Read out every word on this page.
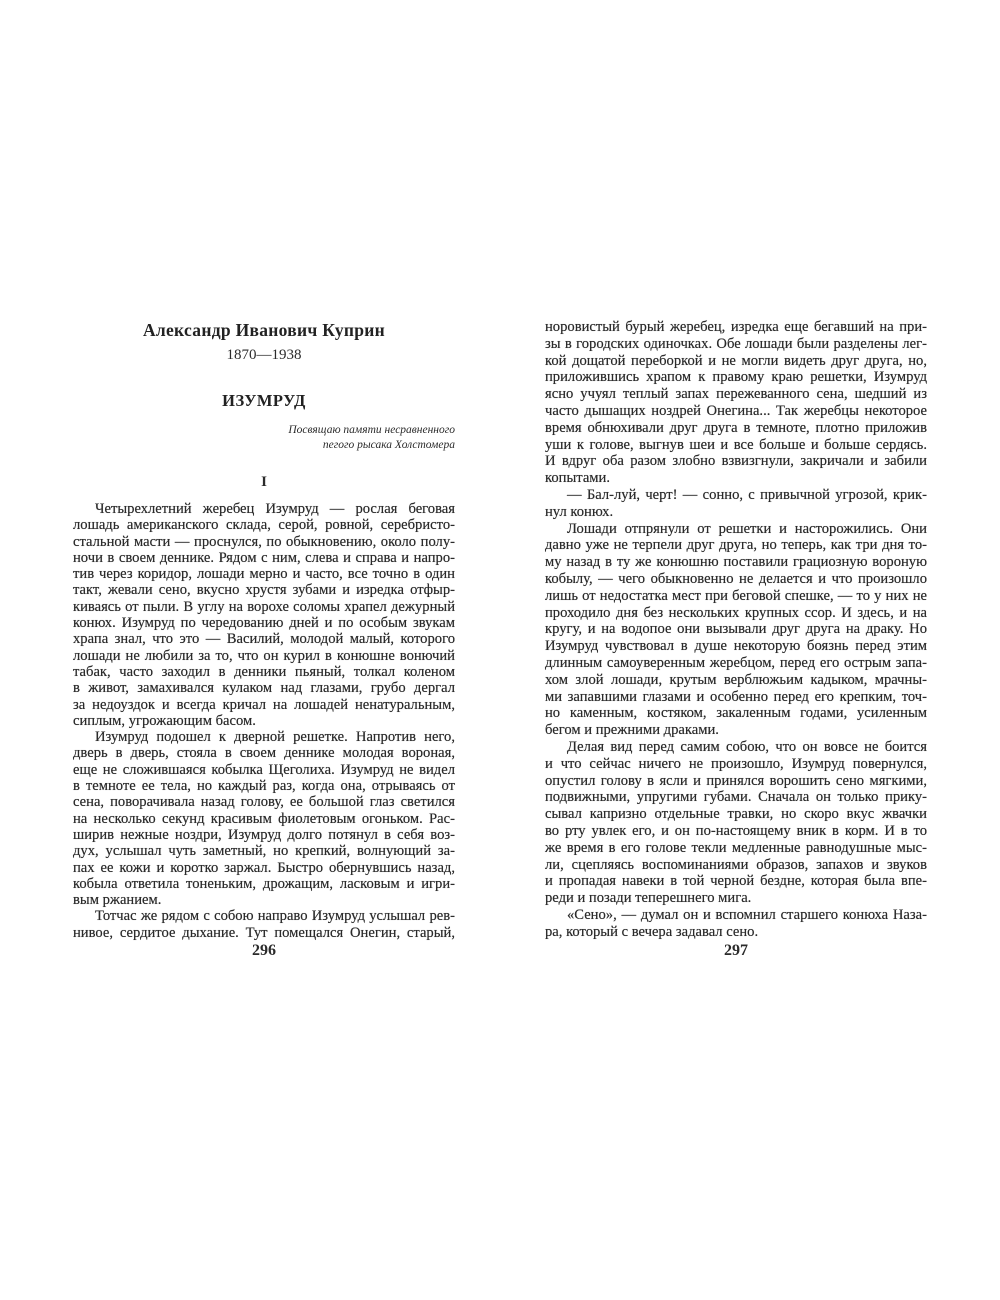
Александр Иванович Куприн
1870—1938
ИЗУМРУД
Посвящаю памяти несравненного
пегого рысака Холстомера
I
Четырехлетний жеребец Изумруд — рослая беговая
лошадь американского склада, серой, ровной, серебристо-
стальной масти — проснулся, по обыкновению, около полу-
ночи в своем деннике. Рядом с ним, слева и справа и напро-
тив через коридор, лошади мерно и часто, все точно в один
такт, жевали сено, вкусно хрустя зубами и изредка отфыр-
киваясь от пыли. В углу на ворохе соломы храпел дежурный
конюх. Изумруд по чередованию дней и по особым звукам
храпа знал, что это — Василий, молодой малый, которого
лошади не любили за то, что он курил в конюшне вонючий
табак, часто заходил в денники пьяный, толкал коленом
в живот, замахивался кулаком над глазами, грубо дергал
за недоуздок и всегда кричал на лошадей ненатуральным,
сиплым, угрожающим басом.
Изумруд подошел к дверной решетке. Напротив него,
дверь в дверь, стояла в своем деннике молодая вороная,
еще не сложившаяся кобылка Щеголиха. Изумруд не видел
в темноте ее тела, но каждый раз, когда она, отрываясь от
сена, поворачивала назад голову, ее большой глаз светился
на несколько секунд красивым фиолетовым огоньком. Рас-
ширив нежные ноздри, Изумруд долго потянул в себя воз-
дух, услышал чуть заметный, но крепкий, волнующий за-
пах ее кожи и коротко заржал. Быстро обернувшись назад,
кобыла ответила тоненьким, дрожащим, ласковым и игри-
вым ржанием.
Тотчас же рядом с собою направо Изумруд услышал рев-
нивое, сердитое дыхание. Тут помещался Онегин, старый,
296
норовистый бурый жеребец, изредка еще бегавший на при-
зы в городских одиночках. Обе лошади были разделены лег-
кой дощатой переборкой и не могли видеть друг друга, но,
приложившись храпом к правому краю решетки, Изумруд
ясно учуял теплый запах пережеванного сена, шедший из
часто дышащих ноздрей Онегина... Так жеребцы некоторое
время обнюхивали друг друга в темноте, плотно приложив
уши к голове, выгнув шеи и все больше и больше сердясь.
И вдруг оба разом злобно взвизгнули, закричали и забили
копытами.
— Бал-луй, черт! — сонно, с привычной угрозой, крик-
нул конюх.
Лошади отпрянули от решетки и насторожились. Они
давно уже не терпели друг друга, но теперь, как три дня то-
му назад в ту же конюшню поставили грациозную вороную
кобылу, — чего обыкновенно не делается и что произошло
лишь от недостатка мест при беговой спешке, — то у них не
проходило дня без нескольких крупных ссор. И здесь, и на
кругу, и на водопое они вызывали друг друга на драку. Но
Изумруд чувствовал в душе некоторую боязнь перед этим
длинным самоуверенным жеребцом, перед его острым запа-
хом злой лошади, крутым верблюжьим кадыком, мрачны-
ми запавшими глазами и особенно перед его крепким, точ-
но каменным, костяком, закаленным годами, усиленным
бегом и прежними драками.
Делая вид перед самим собою, что он вовсе не боится
и что сейчас ничего не произошло, Изумруд повернулся,
опустил голову в ясли и принялся ворошить сено мягкими,
подвижными, упругими губами. Сначала он только прику-
сывал капризно отдельные травки, но скоро вкус жвачки
во рту увлек его, и он по-настоящему вник в корм. И в то
же время в его голове текли медленные равнодушные мыс-
ли, сцепляясь воспоминаниями образов, запахов и звуков
и пропадая навеки в той черной бездне, которая была впе-
реди и позади теперешнего мига.
«Сено», — думал он и вспомнил старшего конюха Наза-
ра, который с вечера задавал сено.
297
